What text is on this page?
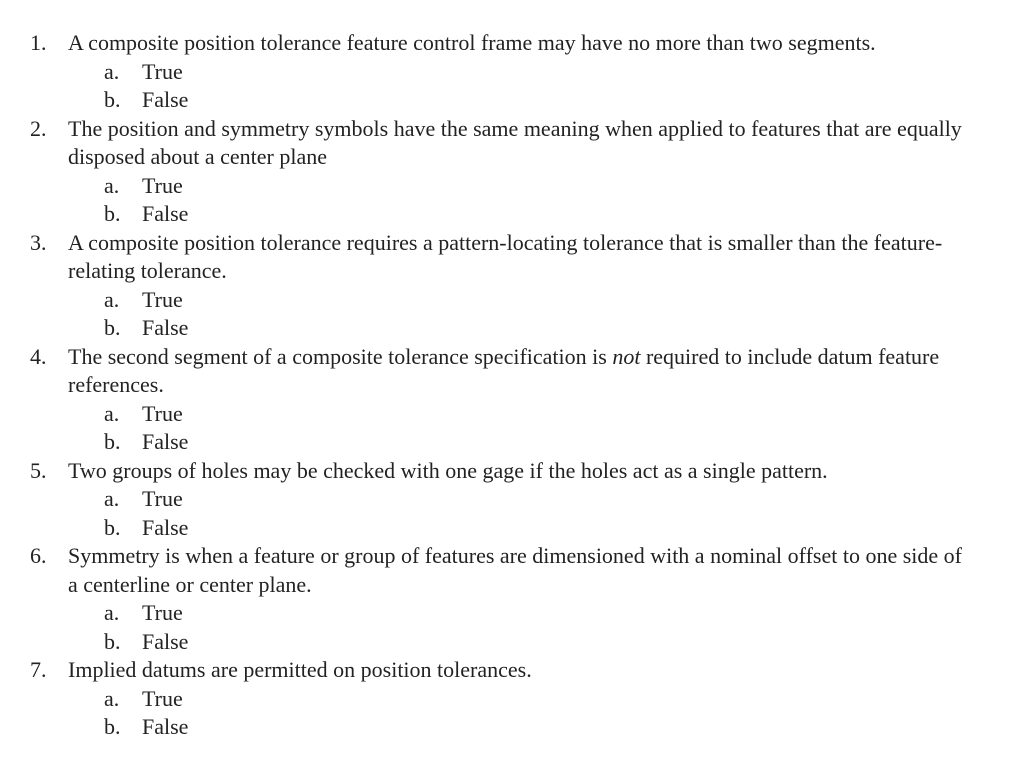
1. A composite position tolerance feature control frame may have no more than two segments.
a. True
b. False
2. The position and symmetry symbols have the same meaning when applied to features that are equally disposed about a center plane
a. True
b. False
3. A composite position tolerance requires a pattern-locating tolerance that is smaller than the feature-relating tolerance.
a. True
b. False
4. The second segment of a composite tolerance specification is not required to include datum feature references.
a. True
b. False
5. Two groups of holes may be checked with one gage if the holes act as a single pattern.
a. True
b. False
6. Symmetry is when a feature or group of features are dimensioned with a nominal offset to one side of a centerline or center plane.
a. True
b. False
7. Implied datums are permitted on position tolerances.
a. True
b. False
